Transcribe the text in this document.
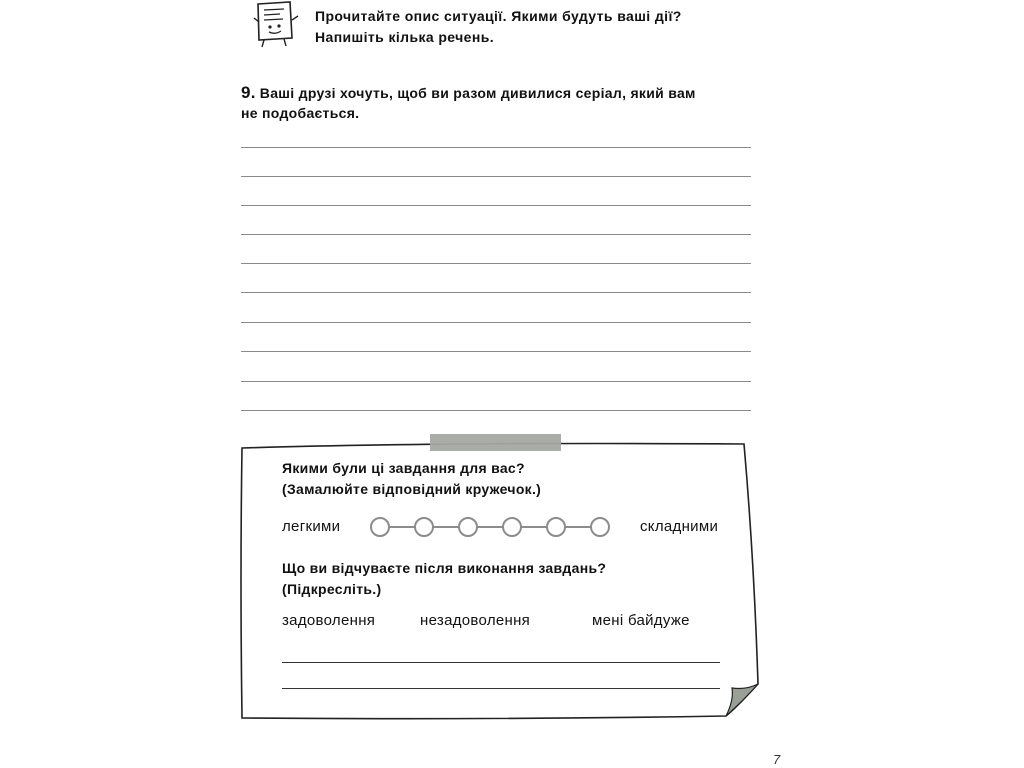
Прочитайте опис ситуації. Якими будуть ваші дії?
Напишіть кілька речень.
9. Ваші друзі хочуть, щоб ви разом дивилися серіал, який вам
не подобається.
Якими були ці завдання для вас?
(Замалюйте відповідний кружечок.)
легкими	складними
Що ви відчуваєте після виконання завдань?
(Підкресліть.)
задоволення	незадоволення	мені байдуже
7
